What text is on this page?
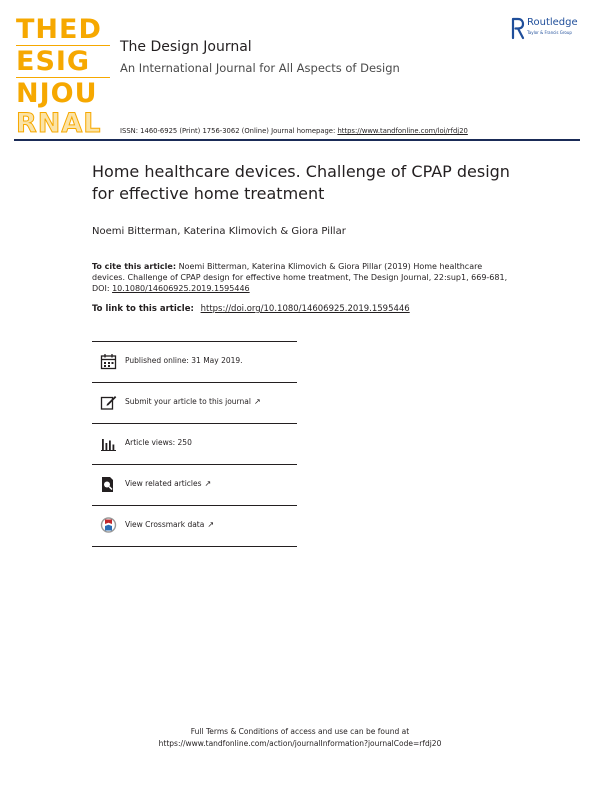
THED
ESIG
NJOU
RNAL
The Design Journal
An International Journal for All Aspects of Design
ISSN: 1460-6925 (Print) 1756-3062 (Online) Journal homepage: https://www.tandfonline.com/loi/rfdj20
Routledge
Taylor & Francis Group
Home healthcare devices. Challenge of CPAP design for effective home treatment
Noemi Bitterman, Katerina Klimovich & Giora Pillar
To cite this article: Noemi Bitterman, Katerina Klimovich & Giora Pillar (2019) Home healthcare devices. Challenge of CPAP design for effective home treatment, The Design Journal, 22:sup1, 669-681, DOI: 10.1080/14606925.2019.1595446
To link to this article: https://doi.org/10.1080/14606925.2019.1595446
Published online: 31 May 2019.
Submit your article to this journal ↗
Article views: 250
View related articles ↗
View Crossmark data ↗
Full Terms & Conditions of access and use can be found at
https://www.tandfonline.com/action/journalInformation?journalCode=rfdj20
